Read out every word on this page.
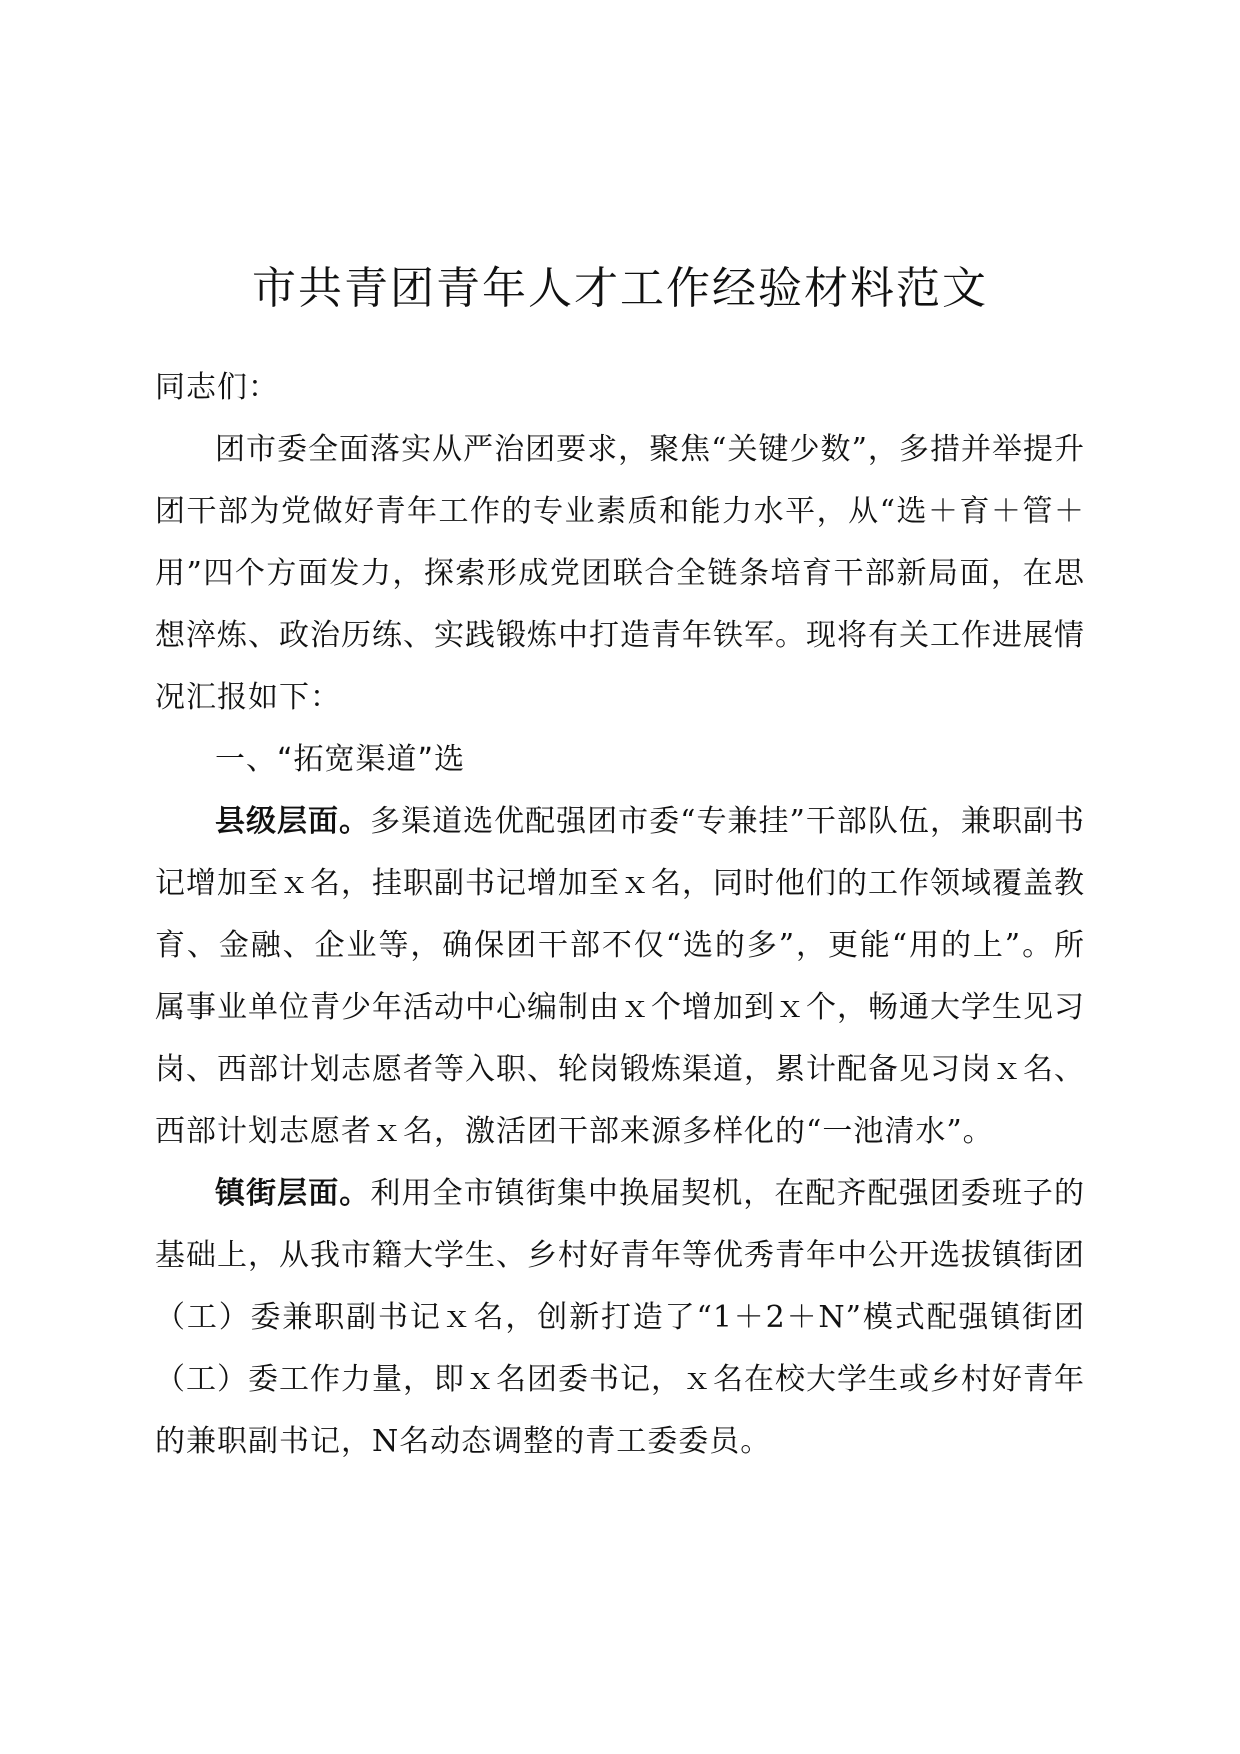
市共青团青年人才工作经验材料范文

同志们：

团市委全面落实从严治团要求，聚焦“关键少数”，多措并举提升团干部为党做好青年工作的专业素质和能力水平，从“选＋育＋管＋用”四个方面发力，探索形成党团联合全链条培育干部新局面，在思想淬炼、政治历练、实践锻炼中打造青年铁军。现将有关工作进展情况汇报如下：

一、“拓宽渠道”选

县级层面。多渠道选优配强团市委“专兼挂”干部队伍，兼职副书记增加至ｘ名，挂职副书记增加至ｘ名，同时他们的工作领域覆盖教育、金融、企业等，确保团干部不仅“选的多”，更能“用的上”。所属事业单位青少年活动中心编制由ｘ个增加到ｘ个，畅通大学生见习岗、西部计划志愿者等入职、轮岗锻炼渠道，累计配备见习岗ｘ名、西部计划志愿者ｘ名，激活团干部来源多样化的“一池清水”。

镇街层面。利用全市镇街集中换届契机，在配齐配强团委班子的基础上，从我市籍大学生、乡村好青年等优秀青年中公开选拔镇街团（工）委兼职副书记ｘ名，创新打造了“1＋2＋N”模式配强镇街团（工）委工作力量，即ｘ名团委书记，ｘ名在校大学生或乡村好青年的兼职副书记，N名动态调整的青工委委员。
